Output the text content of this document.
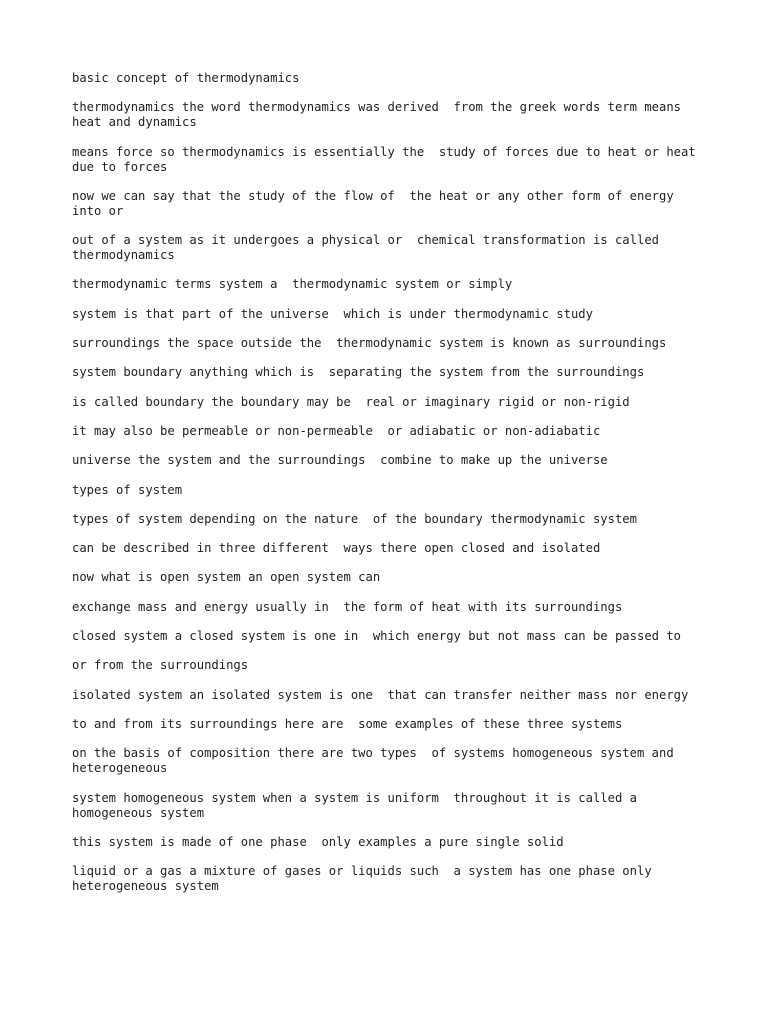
basic concept of thermodynamics

thermodynamics the word thermodynamics was derived  from the greek words term means heat and dynamics

means force so thermodynamics is essentially the  study of forces due to heat or heat due to forces

now we can say that the study of the flow of  the heat or any other form of energy into or

out of a system as it undergoes a physical or  chemical transformation is called thermodynamics

thermodynamic terms system a  thermodynamic system or simply

system is that part of the universe  which is under thermodynamic study

surroundings the space outside the  thermodynamic system is known as surroundings

system boundary anything which is  separating the system from the surroundings

is called boundary the boundary may be  real or imaginary rigid or non-rigid

it may also be permeable or non-permeable  or adiabatic or non-adiabatic

universe the system and the surroundings  combine to make up the universe

types of system

types of system depending on the nature  of the boundary thermodynamic system

can be described in three different  ways there open closed and isolated

now what is open system an open system can

exchange mass and energy usually in  the form of heat with its surroundings

closed system a closed system is one in  which energy but not mass can be passed to

or from the surroundings

isolated system an isolated system is one  that can transfer neither mass nor energy

to and from its surroundings here are  some examples of these three systems

on the basis of composition there are two types  of systems homogeneous system and heterogeneous

system homogeneous system when a system is uniform  throughout it is called a homogeneous system

this system is made of one phase  only examples a pure single solid

liquid or a gas a mixture of gases or liquids such  a system has one phase only heterogeneous system
